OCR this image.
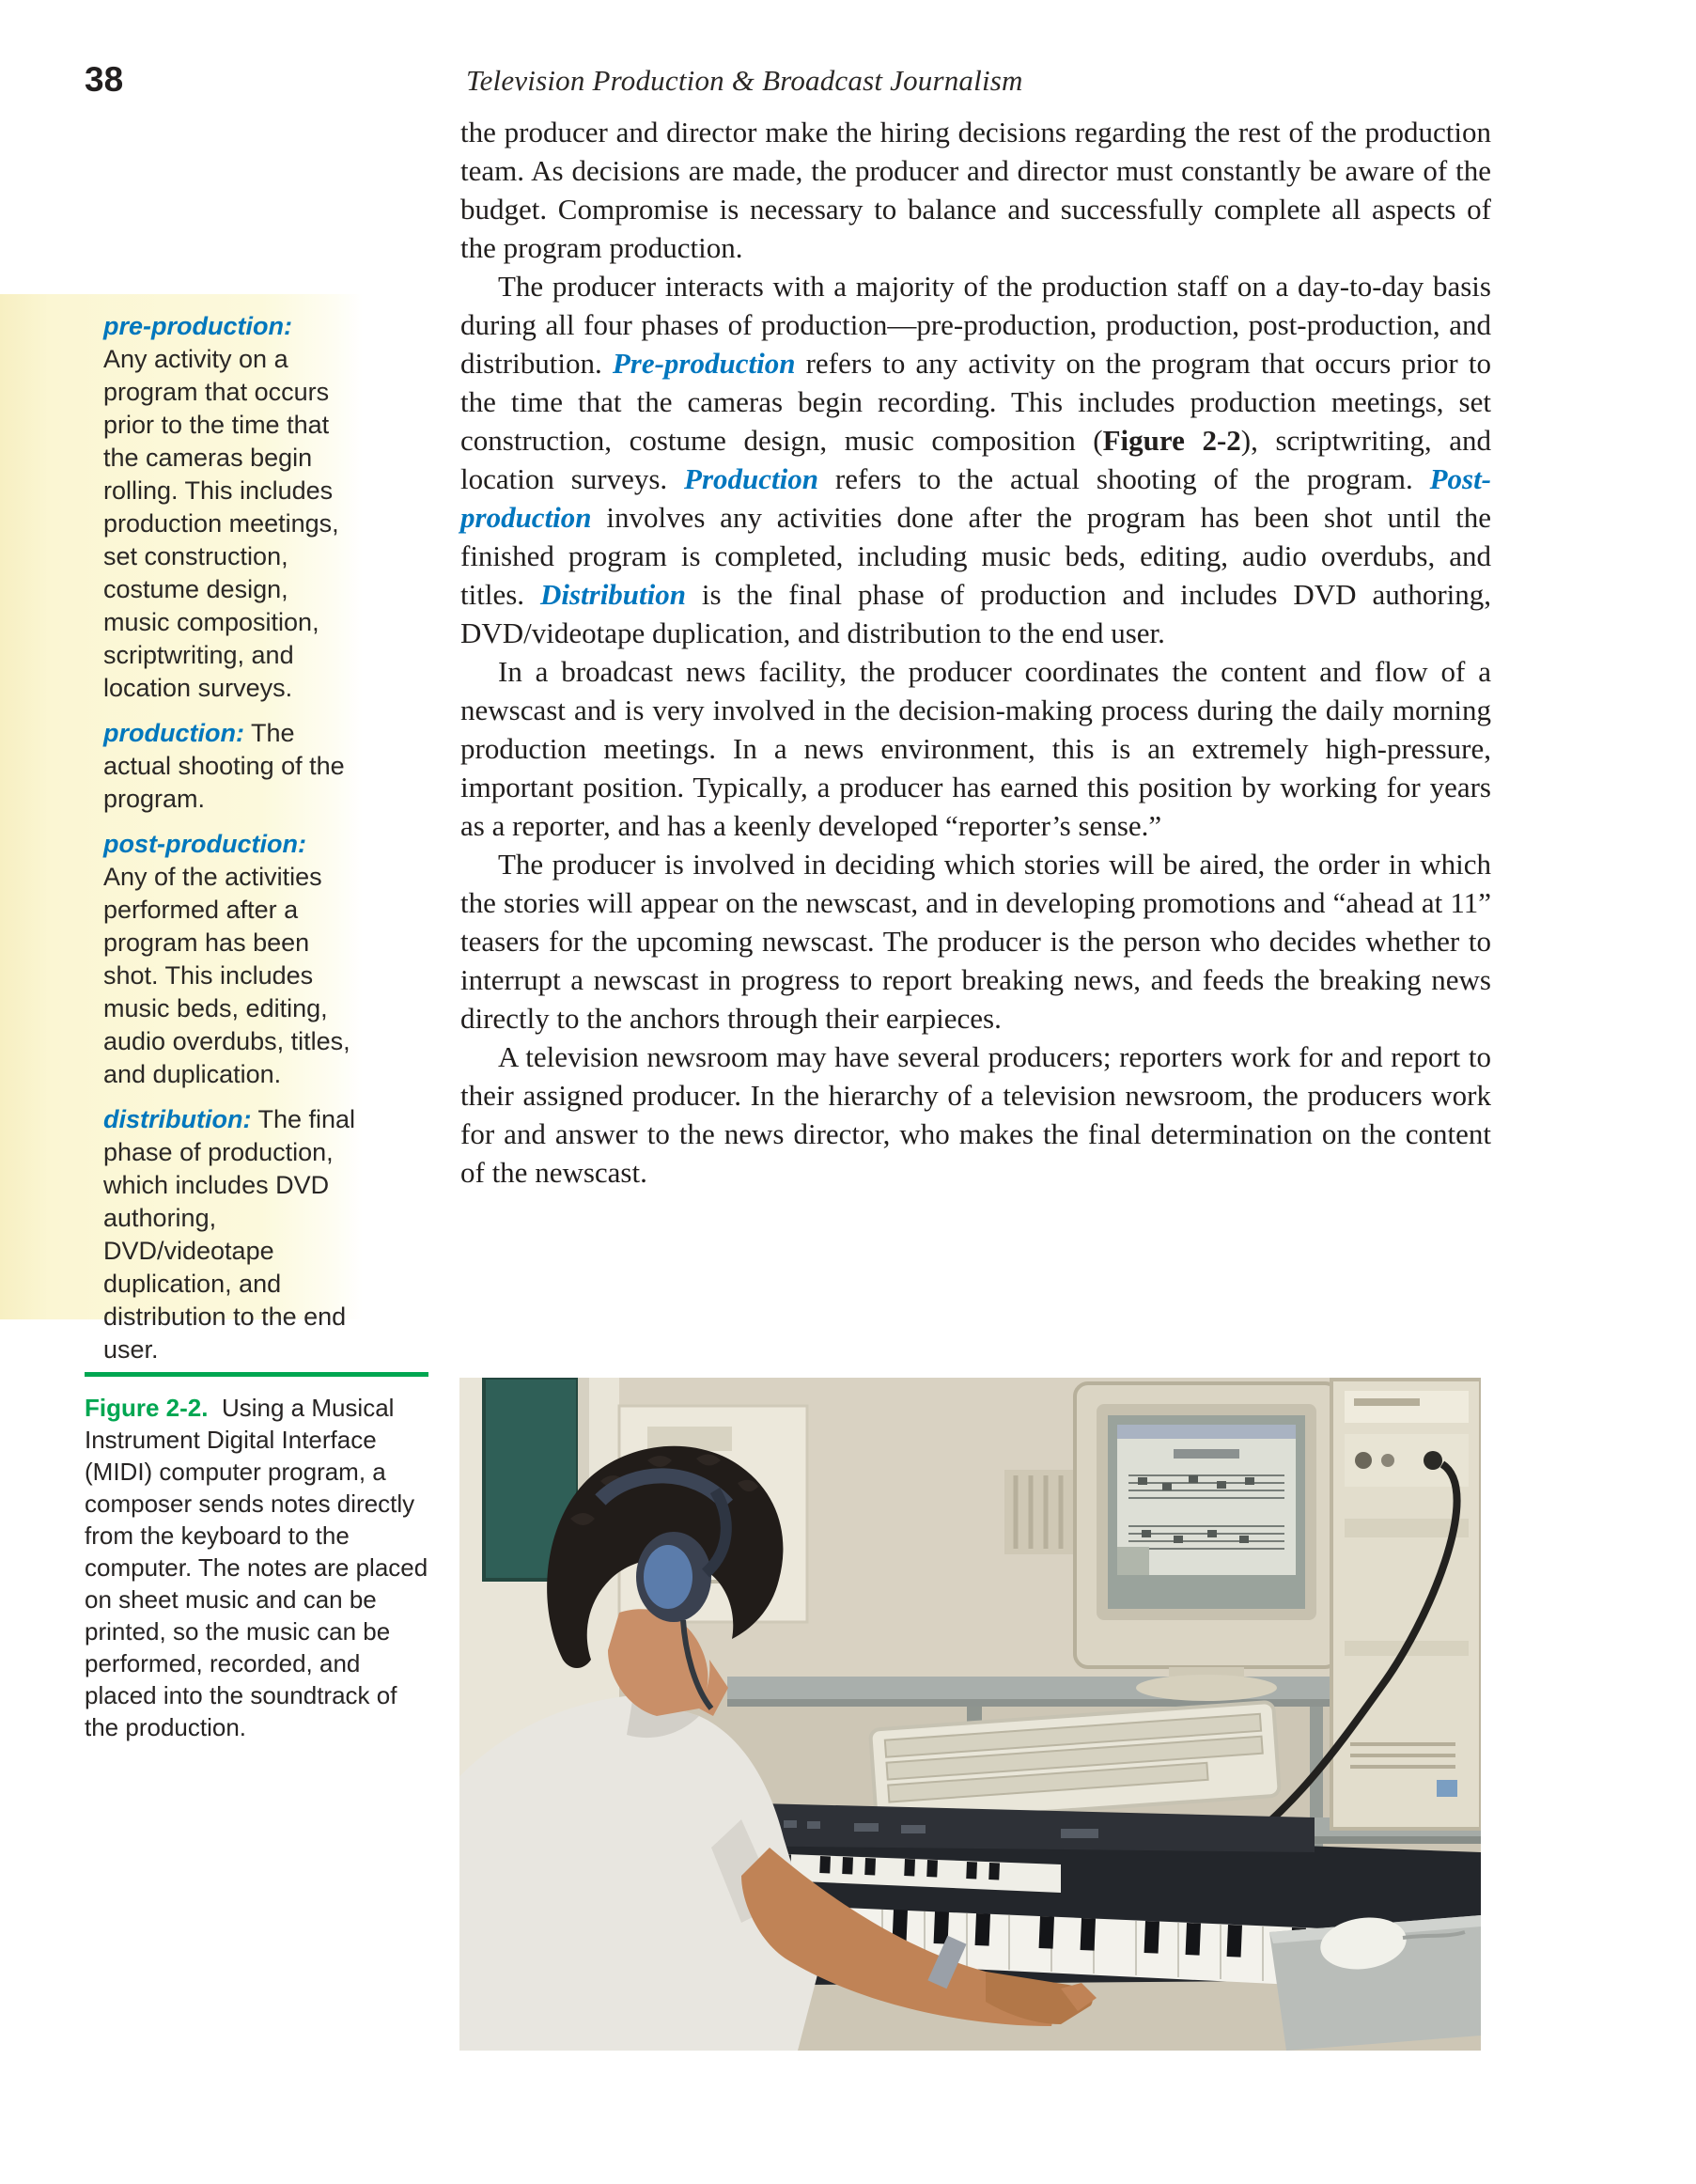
38	Television Production & Broadcast Journalism

the producer and director make the hiring decisions regarding the rest of the production team. As decisions are made, the producer and director must constantly be aware of the budget. Compromise is necessary to balance and successfully complete all aspects of the program production.

The producer interacts with a majority of the production staff on a day-to-day basis during all four phases of production—pre-production, production, post-production, and distribution. Pre-production refers to any activity on the program that occurs prior to the time that the cameras begin recording. This includes production meetings, set construction, costume design, music composition (Figure 2-2), scriptwriting, and location surveys. Production refers to the actual shooting of the program. Post-production involves any activities done after the program has been shot until the finished program is completed, including music beds, editing, audio overdubs, and titles. Distribution is the final phase of production and includes DVD authoring, DVD/videotape duplication, and distribution to the end user.

In a broadcast news facility, the producer coordinates the content and flow of a newscast and is very involved in the decision-making process during the daily morning production meetings. In a news environment, this is an extremely high-pressure, important position. Typically, a producer has earned this position by working for years as a reporter, and has a keenly developed “reporter’s sense.”

The producer is involved in deciding which stories will be aired, the order in which the stories will appear on the newscast, and in developing promotions and “ahead at 11” teasers for the upcoming newscast. The producer is the person who decides whether to interrupt a newscast in progress to report breaking news, and feeds the breaking news directly to the anchors through their earpieces.

A television newsroom may have several producers; reporters work for and report to their assigned producer. In the hierarchy of a television newsroom, the producers work for and answer to the news director, who makes the final determination on the content of the newscast.

pre-production:
Any activity on a program that occurs prior to the time that the cameras begin rolling. This includes production meetings, set construction, costume design, music composition, scriptwriting, and location surveys.
production: The actual shooting of the program.
post-production:
Any of the activities performed after a program has been shot. This includes music beds, editing, audio overdubs, titles, and duplication.
distribution: The final phase of production, which includes DVD authoring, DVD/videotape duplication, and distribution to the end user.
Figure 2-2. Using a Musical Instrument Digital Interface (MIDI) computer program, a composer sends notes directly from the keyboard to the computer. The notes are placed on sheet music and can be printed, so the music can be performed, recorded, and placed into the soundtrack of the production.
